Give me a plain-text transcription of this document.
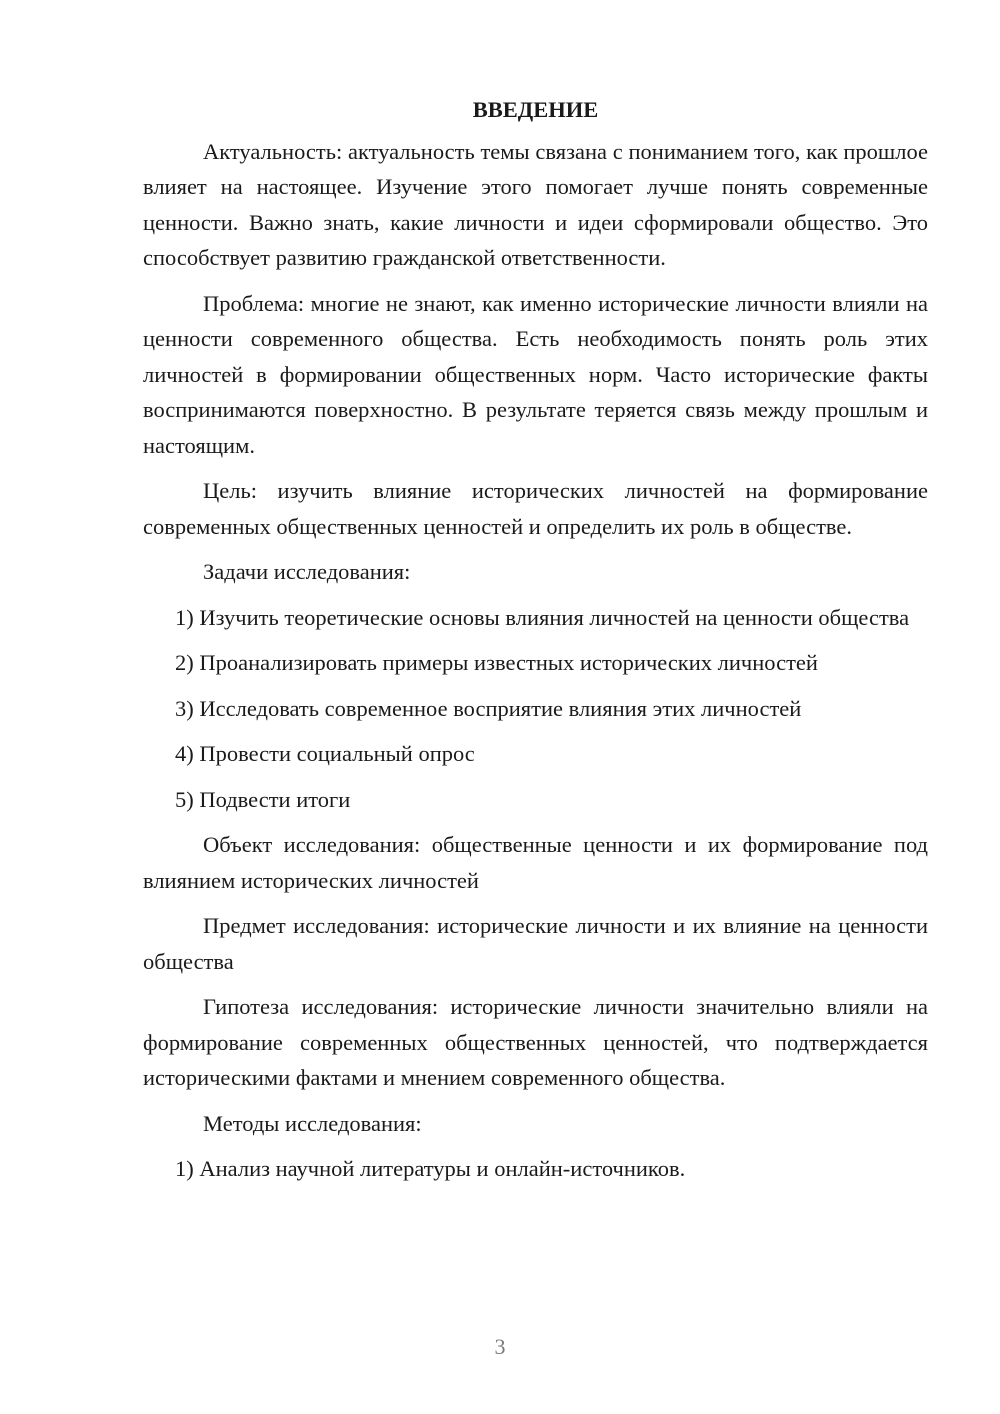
ВВЕДЕНИЕ
Актуальность: актуальность темы связана с пониманием того, как прошлое влияет на настоящее. Изучение этого помогает лучше понять современные ценности. Важно знать, какие личности и идеи сформировали общество. Это способствует развитию гражданской ответственности.
Проблема: многие не знают, как именно исторические личности влияли на ценности современного общества. Есть необходимость понять роль этих личностей в формировании общественных норм. Часто исторические факты воспринимаются поверхностно. В результате теряется связь между прошлым и настоящим.
Цель: изучить влияние исторических личностей на формирование современных общественных ценностей и определить их роль в обществе.
Задачи исследования:
1) Изучить теоретические основы влияния личностей на ценности общества
2) Проанализировать примеры известных исторических личностей
3) Исследовать современное восприятие влияния этих личностей
4) Провести социальный опрос
5) Подвести итоги
Объект исследования: общественные ценности и их формирование под влиянием исторических личностей
Предмет исследования: исторические личности и их влияние на ценности общества
Гипотеза исследования: исторические личности значительно влияли на формирование современных общественных ценностей, что подтверждается историческими фактами и мнением современного общества.
Методы исследования:
1) Анализ научной литературы и онлайн-источников.
3
